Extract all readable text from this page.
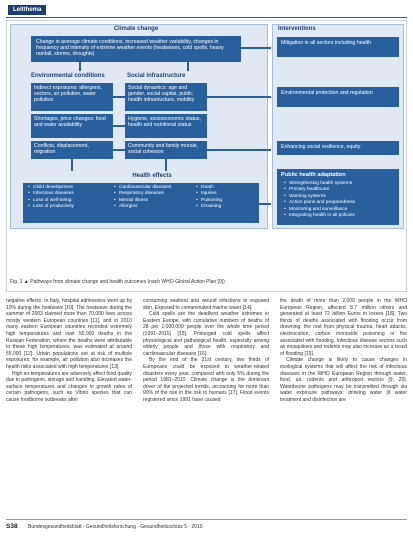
Leitthema
Climate change
Change in average climate conditions, increased weather variability, changes in frequency and intensity of extreme weather events (heatwaves, cold spells, heavy rainfall, storms, droughts)
Environmental conditions
Indirect exposures: allergens, vectors, air pollution, water pollution
Shortages, price changes: food and water availability
Conflicts, displacement, migration
Social infrastructure
Social dynamics: age and gender, social capital, public health infrastructure, mobility
Hygiene, socioeconomic status, health and nutritional status
Community and family morale, social cohesion
Health effects
• Child development
• Infectious diseases
• Loss of well-being
• Loss of productivity
• Cardiovascular diseases
• Respiratory diseases
• Mental illness
• Allergies
• Death
• Injuries
• Poisoning
• Drowning
Interventions
Mitigation in all sectors including health
Environmental protection and regulation
Enhancing social resilience, equity
Public health adaptation
• Strengthening health systems
• Primary healthcare
• Warning systems
• Action plans and preparedness
• Monitoring and surveillance
• Integrating health in all policies
Fig. 1 ▲ Pathways from climate change and health outcomes (nach WHO-Global Action Plan [9])

negative effects. In Italy, hospital admissions went up by 10% during the heatwave [10]. The heatwave during the summer of 2003 claimed more than 70,000 lives across mostly western European countries [11], and in 2010 many eastern European countries recorded extremely high temperatures and over 55,000 deaths in the Russian Federation, where the deaths were attributable to these high temperatures, was estimated at around 55,000 [12]. Urban populations are at risk of multiple exposures; for example, air pollution also increases the health risks associated with high temperatures [13].

High air temperatures are adversely affect food quality due to pathogens, storage and handling. Elevated water-surface temperatures and changes in growth rates of certain pathogens, such as Vibrio species that can cause foodborne outbreaks after

consuming seafood and wound infections in exposed skin. Exposed to contaminated marine water [14].

Cold spells are the deadliest weather extremes in Eastern Europe, with cumulative numbers of deaths of 28 per 1,000,000 people over the whole time period (1991–2015) [15]. Prolonged cold spells affect physiological and pathological health, especially among elderly people and those with respiratory and cardiovascular diseases [16].

By the end of the 21st century, two thirds of Europeans could be exposed to weather-related disasters every year, compared with only 5% during the period 1981–2010. Climate change is the dominant driver of the projected trends, accounting for more than 90% of the rise in the risk to humans [17]. Flood events registered since 1991 have caused

the death of more than 2,000 people in the WHO European Region, affected 8.7 million others and generated at least 72 billion Euros in losses [18]. Two thirds of deaths associated with flooding occur from drowning, the rest from physical trauma, heart attacks, electrocution, carbon monoxide poisoning or fire associated with flooding. Infectious disease vectors such as mosquitoes and rodents may also increase as a result of flooding [19].

Climate change is likely to cause changes in ecological systems that will affect the risk of infectious diseases in the WHO European Region through water, food, air, rodents and arthropod vectors [9, 20]. Waterborne pathogens may be transmitted through via water exposure pathways: drinking water (if water treatment and disinfection are

S38 Bundesgesundheitsblatt - Gesundheitsforschung - Gesundheitsschutz 5 · 2019
